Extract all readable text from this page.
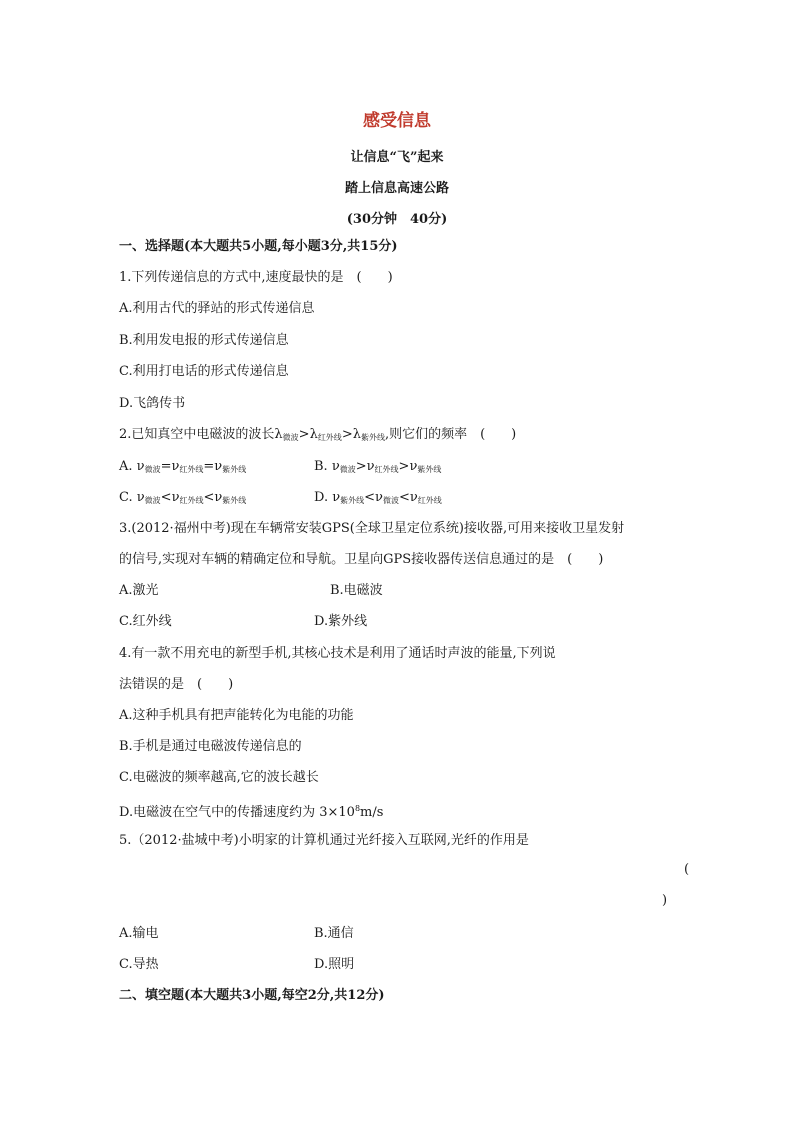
感受信息
让信息“飞”起来
踏上信息高速公路
(30分钟　40分)
一、选择题(本大题共5小题,每小题3分,共15分)
1.下列传递信息的方式中,速度最快的是　(　　)
A.利用古代的驿站的形式传递信息
B.利用发电报的形式传递信息
C.利用打电话的形式传递信息
D.飞鸽传书
2.已知真空中电磁波的波长λ微波>λ红外线>λ紫外线,则它们的频率　(　　)
A. ν微波=ν红外线=ν紫外线	B. ν微波>ν红外线>ν紫外线
C. ν微波<ν红外线<ν紫外线	D. ν紫外线<ν微波<ν红外线
3.(2012·福州中考)现在车辆常安装GPS(全球卫星定位系统)接收器,可用来接收卫星发射
的信号,实现对车辆的精确定位和导航。卫星向GPS接收器传送信息通过的是　(　　)
A.激光	B.电磁波
C.红外线	D.紫外线
4.有一款不用充电的新型手机,其核心技术是利用了通话时声波的能量,下列说
法错误的是　(　　)
A.这种手机具有把声能转化为电能的功能
B.手机是通过电磁波传递信息的
C.电磁波的频率越高,它的波长越长
D.电磁波在空气中的传播速度约为 $3\times 10^8m/s$
5.（2012·盐城中考)小明家的计算机通过光纤接入互联网,光纤的作用是
(
)
A.输电	B.通信
C.导热	D.照明
二、填空题(本大题共3小题,每空2分,共12分)
